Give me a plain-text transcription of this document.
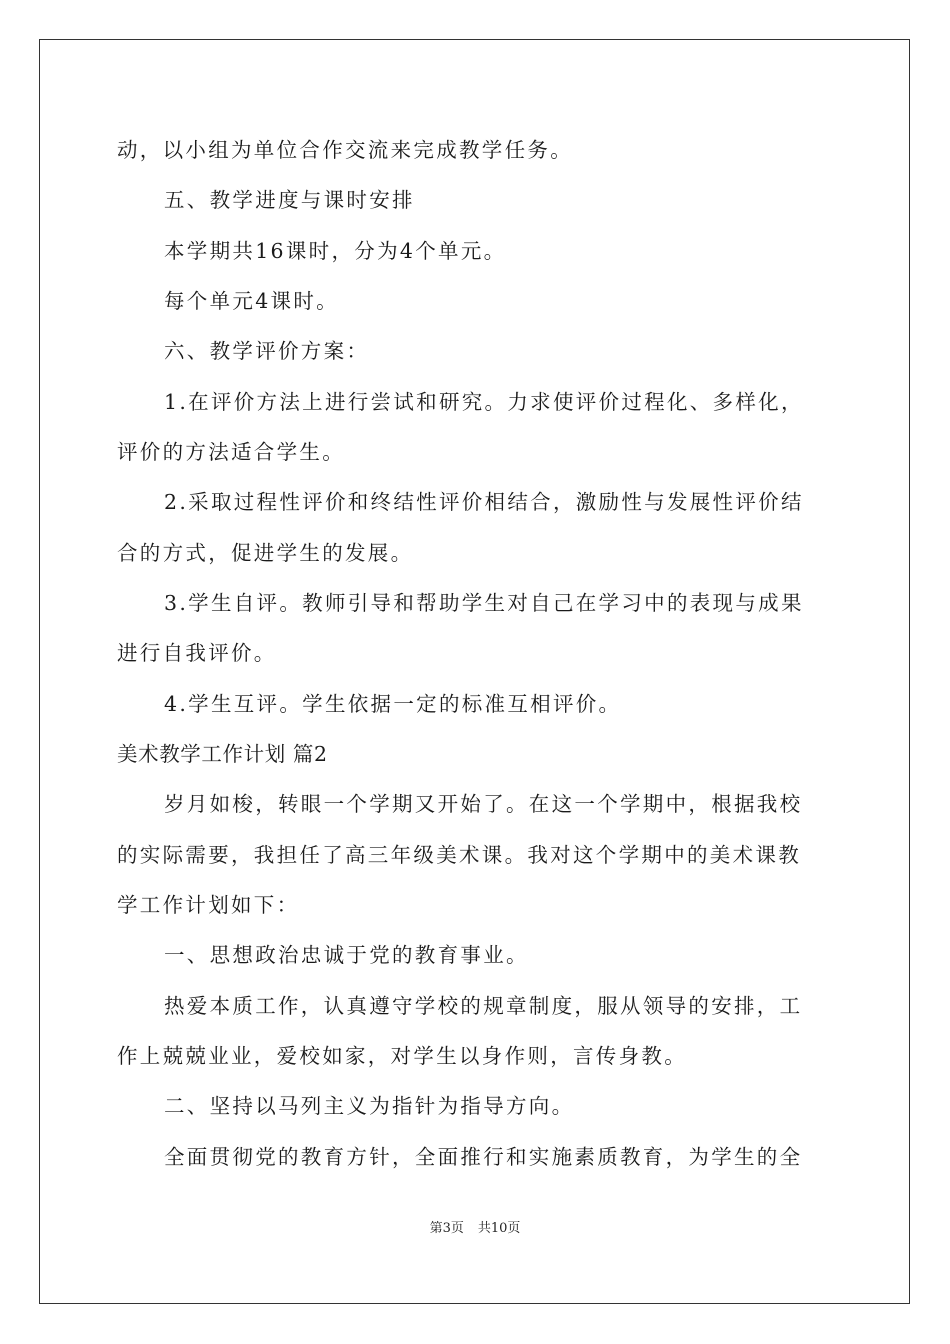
动，以小组为单位合作交流来完成教学任务。
五、教学进度与课时安排
本学期共16课时，分为4个单元。
每个单元4课时。
六、教学评价方案：
1.在评价方法上进行尝试和研究。力求使评价过程化、多样化，
评价的方法适合学生。
2.采取过程性评价和终结性评价相结合，激励性与发展性评价结
合的方式，促进学生的发展。
3.学生自评。教师引导和帮助学生对自己在学习中的表现与成果
进行自我评价。
4.学生互评。学生依据一定的标准互相评价。
美术教学工作计划 篇2
岁月如梭，转眼一个学期又开始了。在这一个学期中，根据我校
的实际需要，我担任了高三年级美术课。我对这个学期中的美术课教
学工作计划如下：
一、思想政治忠诚于党的教育事业。
热爱本质工作，认真遵守学校的规章制度，服从领导的安排，工
作上兢兢业业，爱校如家，对学生以身作则，言传身教。
二、坚持以马列主义为指针为指导方向。
全面贯彻党的教育方针，全面推行和实施素质教育，为学生的全
第3页 共10页
